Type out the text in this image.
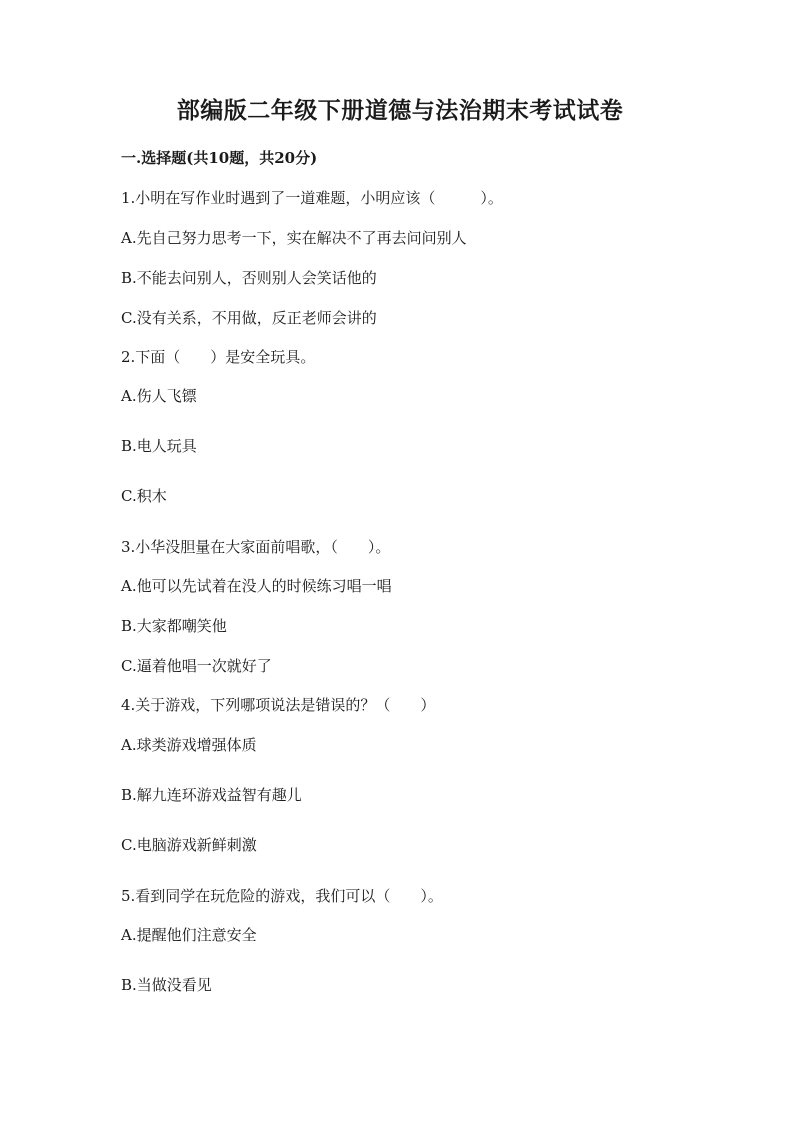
部编版二年级下册道德与法治期末考试试卷
一.选择题(共10题，共20分)
1.小明在写作业时遇到了一道难题，小明应该（　　　）。
A.先自己努力思考一下，实在解决不了再去问问别人
B.不能去问别人，否则别人会笑话他的
C.没有关系，不用做，反正老师会讲的
2.下面（　　）是安全玩具。
A.伤人飞镖
B.电人玩具
C.积木
3.小华没胆量在大家面前唱歌，（　　）。
A.他可以先试着在没人的时候练习唱一唱
B.大家都嘲笑他
C.逼着他唱一次就好了
4.关于游戏，下列哪项说法是错误的？（　　）
A.球类游戏增强体质
B.解九连环游戏益智有趣儿
C.电脑游戏新鲜刺激
5.看到同学在玩危险的游戏，我们可以（　　）。
A.提醒他们注意安全
B.当做没看见
